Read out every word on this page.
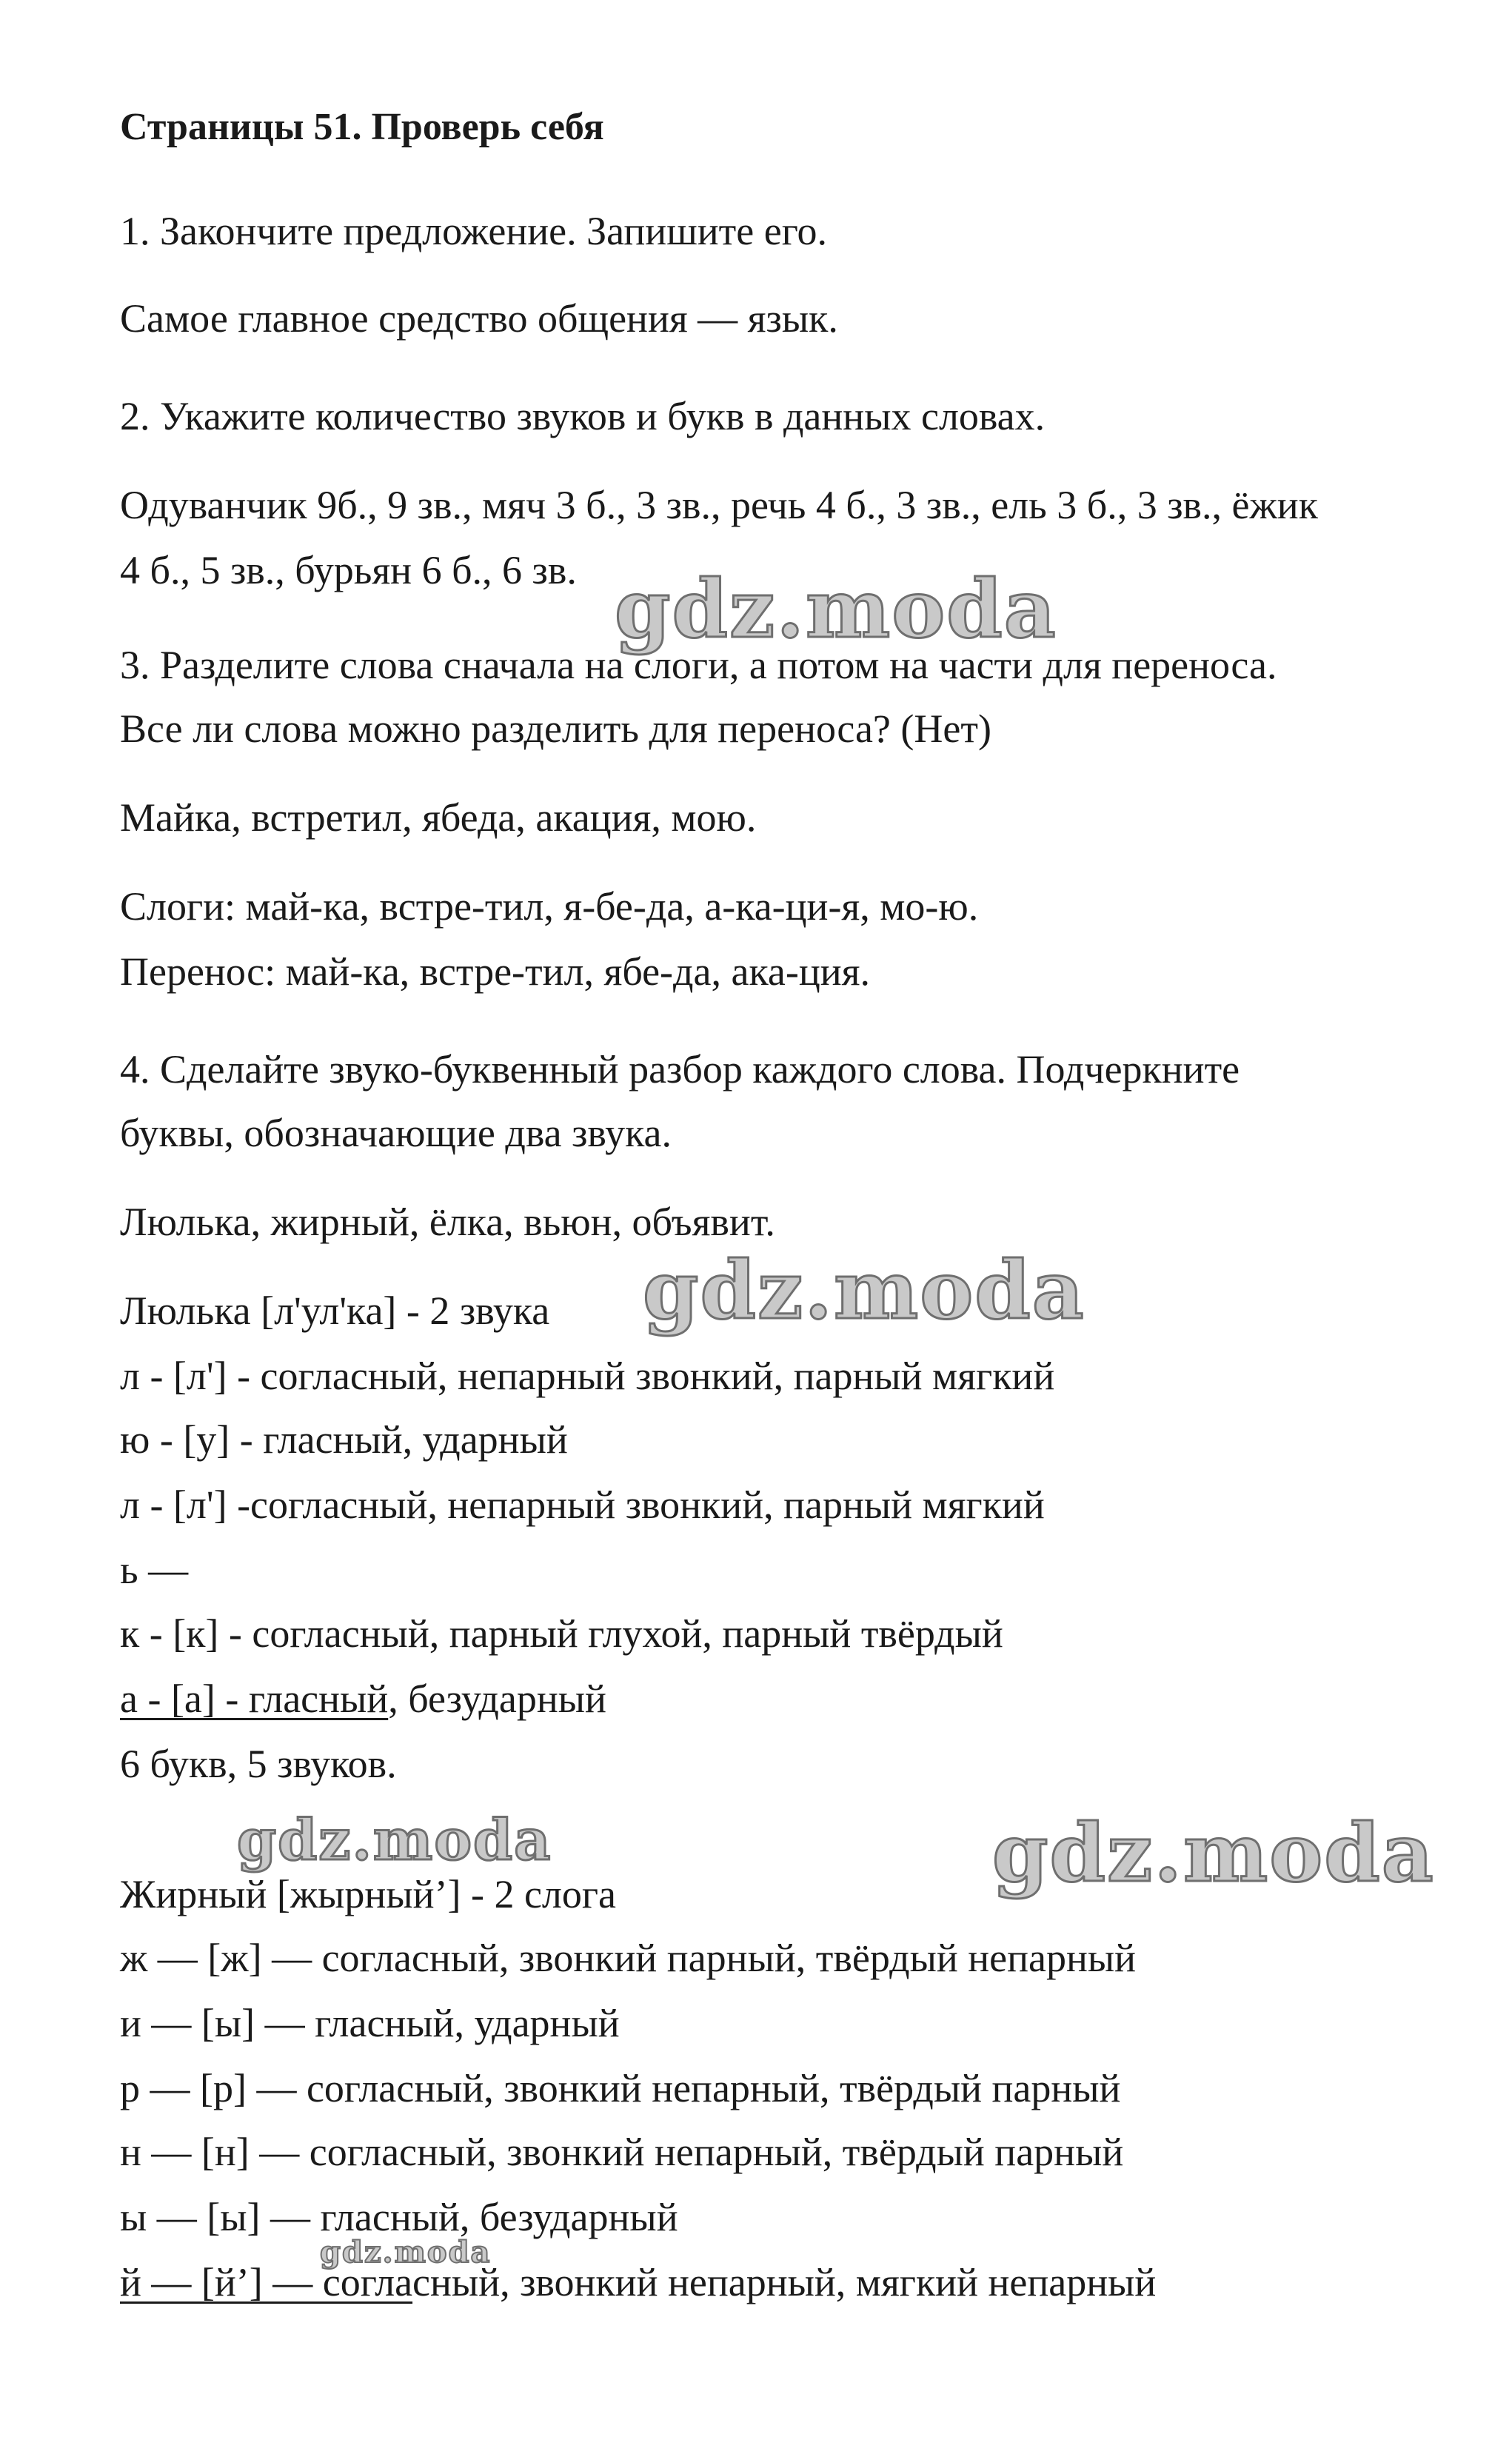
Страницы 51. Проверь себя
1. Закончите предложение. Запишите его.
Самое главное средство общения — язык.
2. Укажите количество звуков и букв в данных словах.
Одуванчик 9б., 9 зв., мяч 3 б., 3 зв., речь 4 б., 3 зв., ель 3 б., 3 зв., ёжик
4 б., 5 зв., бурьян 6 б., 6 зв.
3. Разделите слова сначала на слоги, а потом на части для переноса.
Все ли слова можно разделить для переноса? (Нет)
Майка, встретил, ябеда, акация, мою.
Слоги: май-ка, встре-тил, я-бе-да, а-ка-ци-я, мо-ю.
Перенос: май-ка, встре-тил, ябе-да, ака-ция.
4. Сделайте звуко-буквенный разбор каждого слова. Подчеркните
буквы, обозначающие два звука.
Люлька, жирный, ёлка, вьюн, объявит.
Люлька [л'ул'ка] - 2 звука
л - [л'] - согласный, непарный звонкий, парный мягкий
ю - [у] - гласный, ударный
л - [л'] -согласный, непарный звонкий, парный мягкий
ь —
к - [к] - согласный, парный глухой, парный твёрдый
а - [а] - гласный, безударный
6 букв, 5 звуков.
Жирный [жырный’] - 2 слога
ж — [ж] — согласный, звонкий парный, твёрдый непарный
и — [ы] — гласный, ударный
р — [р] — согласный, звонкий непарный, твёрдый парный
н — [н] — согласный, звонкий непарный, твёрдый парный
ы — [ы] — гласный, безударный
й — [й’] — согласный, звонкий непарный, мягкий непарный
gdz.moda
gdz.moda
gdz.moda	gdz.moda
gdz.moda
